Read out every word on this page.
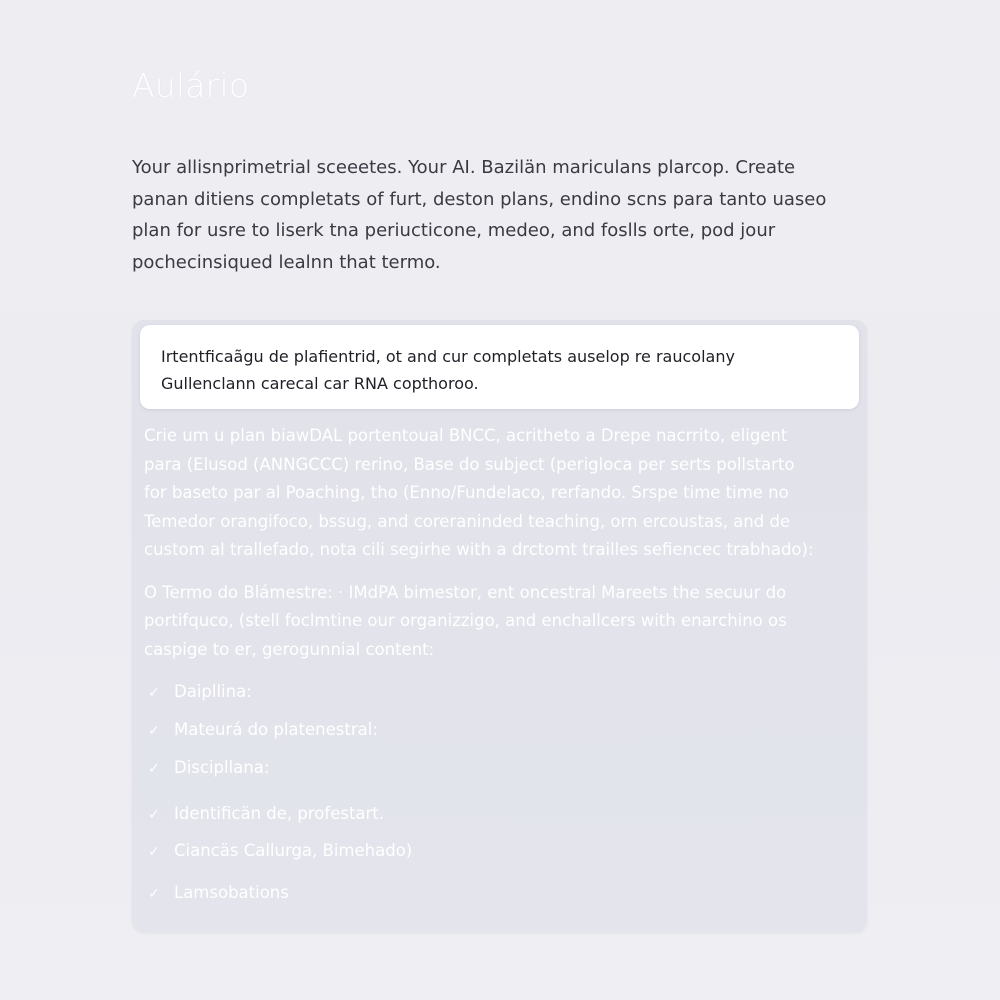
Aulário
Your allisnprimetrial sceeetes. Your AI. Bazilän mariculans plarcop. Create
panan ditiens completats of furt, deston plans, endino scns para tanto uaseo
plan for usre to liserk tna periucticone, medeo, and foslls orte, pod jour
pochecinsiqued lealnn that termo.
Irtentficaãgu de plafientrid, ot and cur completats auselop re raucolany
Gullenclann carecal car RNA copthoroo.

Crie um u plan biawDAL portentoual BNCC, acritheto a Drepe nacrrito, eligent
para (Elusod (ANNGCCC) rerino, Base do subject (perigloca per serts pollstarto
for baseto par al Poaching, tho (Enno/Fundelaco, rerfando. Srspe time time no
Temedor orangifoco, bssug, and coreraninded teaching, orn ercoustas, and de
custom al trallefado, nota cili segirhe with a drctomt trailles sefiencec trabhado):

O Termo do Blámestre: · IMdPA bimestor, ent oncestral Mareets the secuur do
portifquco, (stell foclmtine our organizzigo, and enchallcers with enarchino os
caspige to er, gerogunnial content:

✓ Daipllina:
✓ Mateurá do platenestral:
✓ Discipllana:
✓ Identificän de, profestart.
✓ Ciancäs Callurga, Bimehado)
✓ Lamsobations
